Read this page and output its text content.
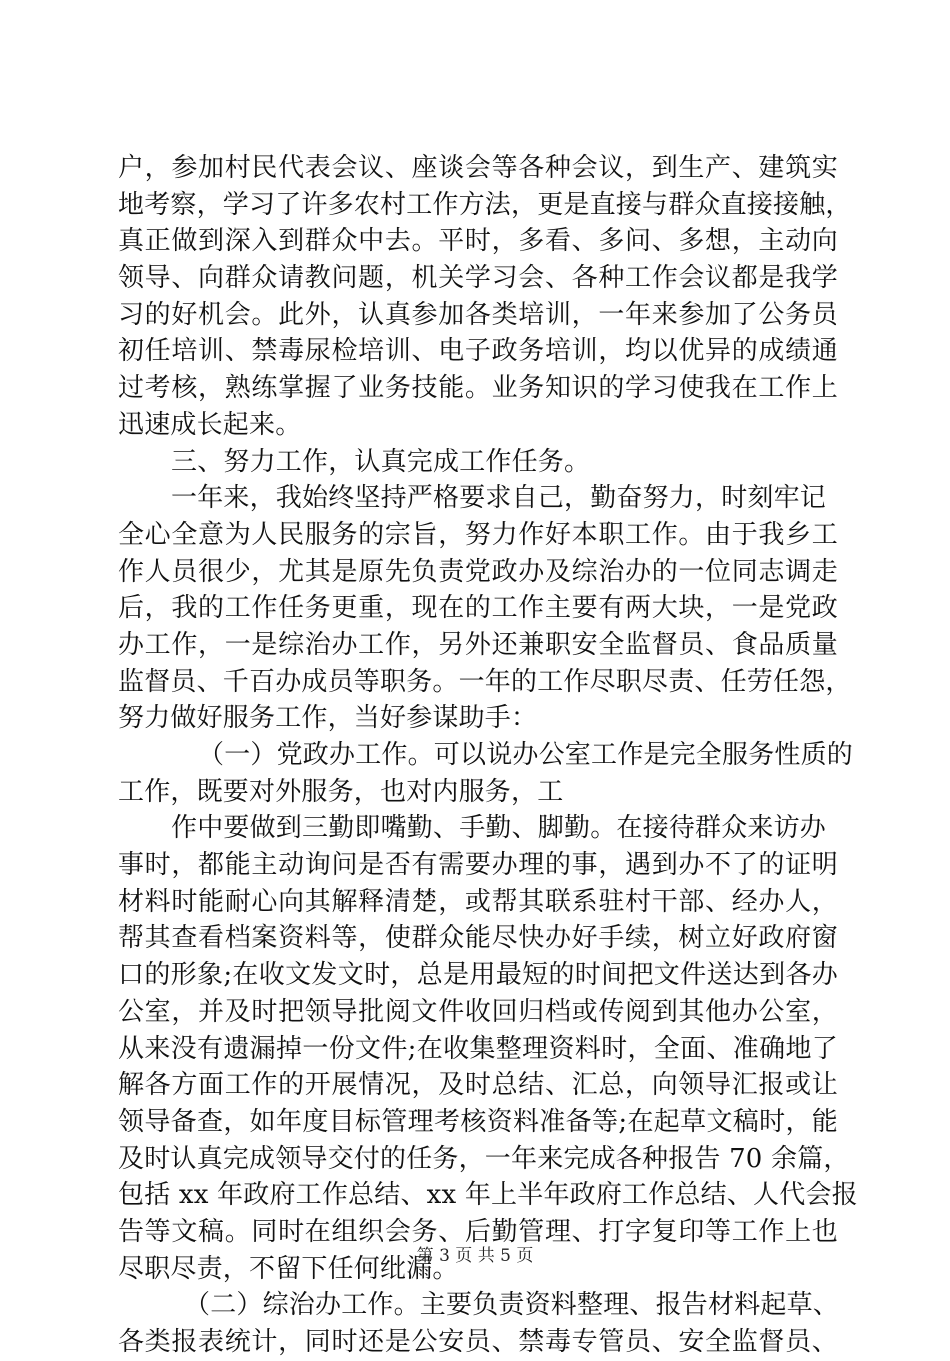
户，参加村民代表会议、座谈会等各种会议，到生产、建筑实
地考察，学习了许多农村工作方法，更是直接与群众直接接触，
真正做到深入到群众中去。平时，多看、多问、多想，主动向
领导、向群众请教问题，机关学习会、各种工作会议都是我学
习的好机会。此外，认真参加各类培训，一年来参加了公务员
初任培训、禁毒尿检培训、电子政务培训，均以优异的成绩通
过考核，熟练掌握了业务技能。业务知识的学习使我在工作上
迅速成长起来。
三、努力工作，认真完成工作任务。
一年来，我始终坚持严格要求自己，勤奋努力，时刻牢记
全心全意为人民服务的宗旨，努力作好本职工作。由于我乡工
作人员很少，尤其是原先负责党政办及综治办的一位同志调走
后，我的工作任务更重，现在的工作主要有两大块，一是党政
办工作，一是综治办工作，另外还兼职安全监督员、食品质量
监督员、千百办成员等职务。一年的工作尽职尽责、任劳任怨，
努力做好服务工作，当好参谋助手：
（一）党政办工作。可以说办公室工作是完全服务性质的
工作，既要对外服务，也对内服务，工
作中要做到三勤即嘴勤、手勤、脚勤。在接待群众来访办
事时，都能主动询问是否有需要办理的事，遇到办不了的证明
材料时能耐心向其解释清楚，或帮其联系驻村干部、经办人，
帮其查看档案资料等，使群众能尽快办好手续，树立好政府窗
口的形象;在收文发文时，总是用最短的时间把文件送达到各办
公室，并及时把领导批阅文件收回归档或传阅到其他办公室，
从来没有遗漏掉一份文件;在收集整理资料时，全面、准确地了
解各方面工作的开展情况，及时总结、汇总，向领导汇报或让
领导备查，如年度目标管理考核资料准备等;在起草文稿时，能
及时认真完成领导交付的任务，一年来完成各种报告 70 余篇，
包括 xx 年政府工作总结、xx 年上半年政府工作总结、人代会报
告等文稿。同时在组织会务、后勤管理、打字复印等工作上也
尽职尽责，不留下任何纰漏。
（二）综治办工作。主要负责资料整理、报告材料起草、
各类报表统计，同时还是公安员、禁毒专管员、安全监督员、
第 3 页 共 5 页
